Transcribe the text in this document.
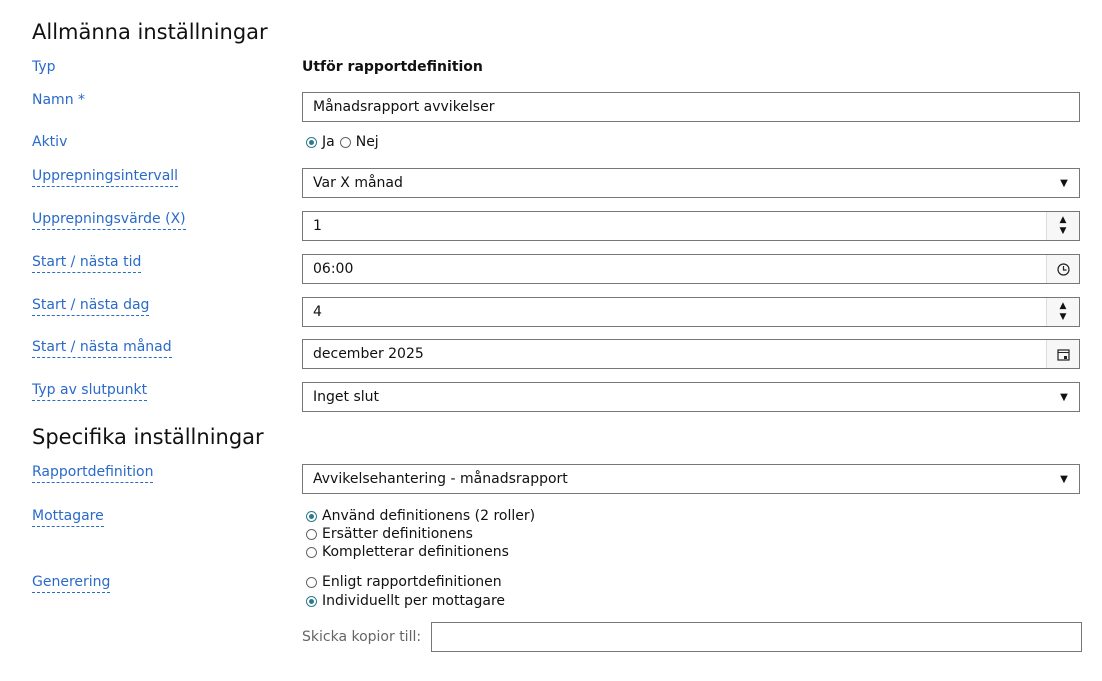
Allmänna inställningar
Typ	Utför rapportdefinition
Namn *	Månadsrapport avvikelser
Aktiv	Ja Nej
Upprepningsintervall	Var X månad	▼
Upprepningsvärde (X)	1	▲
▼
Start / nästa tid	06:00
Start / nästa dag	4	▲
▼
Start / nästa månad	december 2025
Typ av slutpunkt	Inget slut	▼
Specifika inställningar
Rapportdefinition	Avvikelsehantering - månadsrapport	▼
Mottagare	Använd definitionens (2 roller)
Ersätter definitionens
Kompletterar definitionens
Generering	Enligt rapportdefinitionen
Individuellt per mottagare
Skicka kopior till:
